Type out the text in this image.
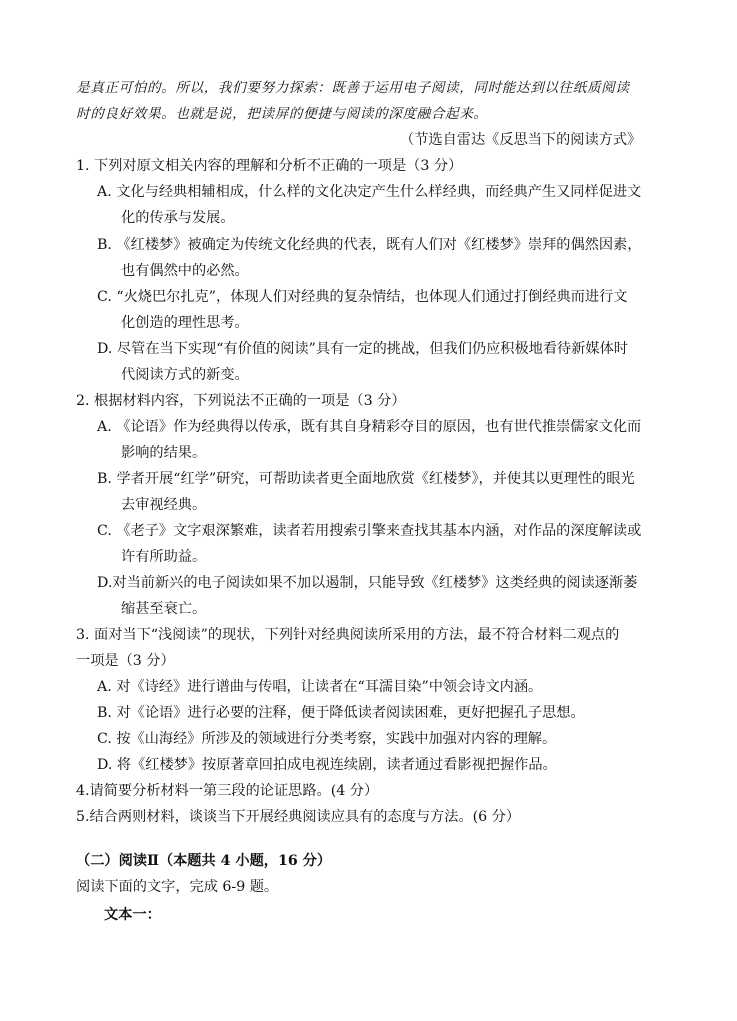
是真正可怕的。所以，我们要努力探索：既善于运用电子阅读，同时能达到以往纸质阅读
时的良好效果。也就是说，把读屏的便捷与阅读的深度融合起来。
（节选自雷达《反思当下的阅读方式》
1. 下列对原文相关内容的理解和分析不正确的一项是（3 分）
A. 文化与经典相辅相成，什么样的文化决定产生什么样经典，而经典产生又同样促进文
化的传承与发展。
B. 《红楼梦》被确定为传统文化经典的代表，既有人们对《红楼梦》崇拜的偶然因素，
也有偶然中的必然。
C. “火烧巴尔扎克”，体现人们对经典的复杂情结，也体现人们通过打倒经典而进行文
化创造的理性思考。
D. 尽管在当下实现“有价值的阅读”具有一定的挑战，但我们仍应积极地看待新媒体时
代阅读方式的新变。
2. 根据材料内容，下列说法不正确的一项是（3 分）
A. 《论语》作为经典得以传承，既有其自身精彩夺目的原因，也有世代推崇儒家文化而
影响的结果。
B. 学者开展“红学”研究，可帮助读者更全面地欣赏《红楼梦》，并使其以更理性的眼光
去审视经典。
C. 《老子》文字艰深繁难，读者若用搜索引擎来查找其基本内涵，对作品的深度解读或
许有所助益。
D.对当前新兴的电子阅读如果不加以遏制，只能导致《红楼梦》这类经典的阅读逐渐萎
缩甚至衰亡。
3. 面对当下“浅阅读”的现状，下列针对经典阅读所采用的方法，最不符合材料二观点的
一项是（3 分）
A. 对《诗经》进行谱曲与传唱，让读者在“耳濡目染”中领会诗文内涵。
B. 对《论语》进行必要的注释，便于降低读者阅读困难，更好把握孔子思想。
C. 按《山海经》所涉及的领域进行分类考察，实践中加强对内容的理解。
D. 将《红楼梦》按原著章回拍成电视连续剧，读者通过看影视把握作品。
4.请简要分析材料一第三段的论证思路。(4 分）
5.结合两则材料，谈谈当下开展经典阅读应具有的态度与方法。(6 分）
（二）阅读Ⅱ（本题共 4 小题，16 分）
阅读下面的文字，完成 6-9 题。
文本一：
